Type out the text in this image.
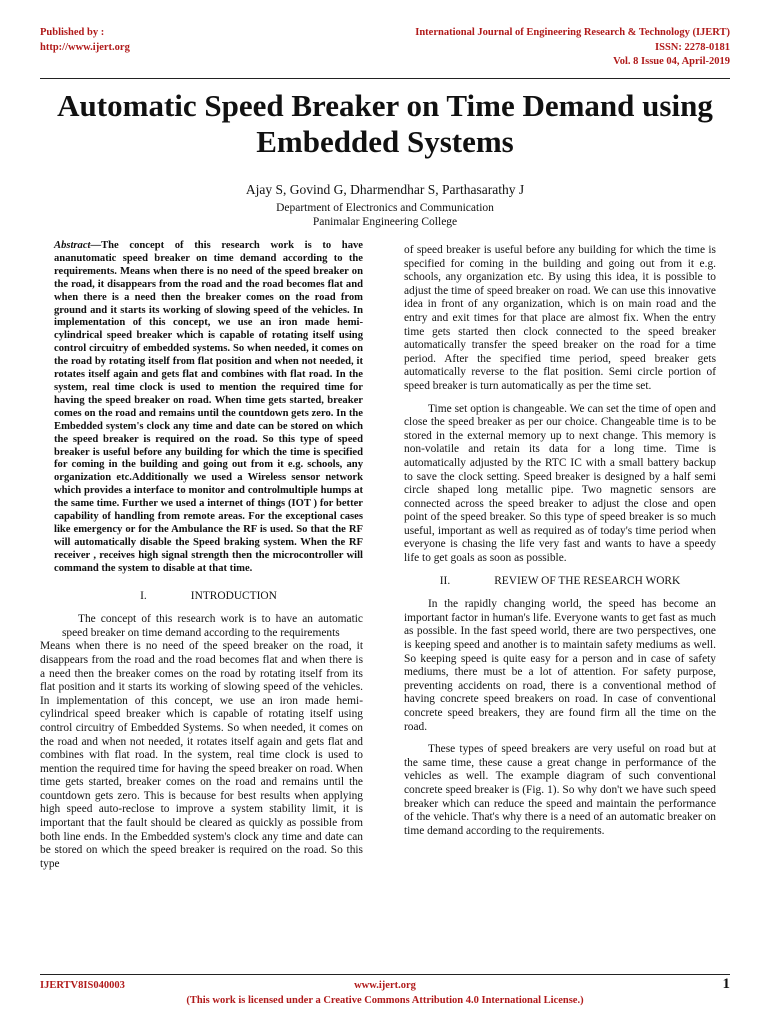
Published by :
http://www.ijert.org
International Journal of Engineering Research & Technology (IJERT)
ISSN: 2278-0181
Vol. 8 Issue 04, April-2019
Automatic Speed Breaker on Time Demand using Embedded Systems
Ajay S, Govind G, Dharmendhar S, Parthasarathy J
Department of Electronics and Communication
Panimalar Engineering College

Abstract—The concept of this research work is to have ananutomatic speed breaker on time demand according to the requirements. Means when there is no need of the speed breaker on the road, it disappears from the road and the road becomes flat and when there is a need then the breaker comes on the road from ground and it starts its working of slowing speed of the vehicles. In implementation of this concept, we use an iron made hemi-cylindrical speed breaker which is capable of rotating itself using control circuitry of embedded systems. So when needed, it comes on the road by rotating itself from flat position and when not needed, it rotates itself again and gets flat and combines with flat road. In the system, real time clock is used to mention the required time for having the speed breaker on road. When time gets started, breaker comes on the road and remains until the countdown gets zero. In the Embedded system's clock any time and date can be stored on which the speed breaker is required on the road. So this type of speed breaker is useful before any building for which the time is specified for coming in the building and going out from it e.g. schools, any organization etc.Additionally we used a Wireless sensor network which provides a interface to monitor and controlmultiple humps at the same time. Further we used a internet of things (IOT ) for better capability of handling from remote areas. For the exceptional cases like emergency or for the Ambulance the RF is used. So that the RF will automatically disable the Speed braking system. When the RF receiver , receives high signal strength then the microcontroller will command the system to disable at that time.

I.	INTRODUCTION

The concept of this research work is to have an automatic speed breaker on time demand according to the requirements

Means when there is no need of the speed breaker on the road, it disappears from the road and the road becomes flat and when there is a need then the breaker comes on the road by rotating itself from its flat position and it starts its working of slowing speed of the vehicles. In implementation of this concept, we use an iron made hemi-cylindrical speed breaker which is capable of rotating itself using control circuitry of Embedded Systems. So when needed, it comes on the road and when not needed, it rotates itself again and gets flat and combines with flat road. In the system, real time clock is used to mention the required time for having the speed breaker on road. When time gets started, breaker comes on the road and remains until the countdown gets zero. This is because for best results when applying high speed auto-reclose to improve a system stability limit, it is important that the fault should be cleared as quickly as possible from both line ends. In the Embedded system's clock any time and date can be stored on which the speed breaker is required on the road. So this type

of speed breaker is useful before any building for which the time is specified for coming in the building and going out from it e.g. schools, any organization etc. By using this idea, it is possible to adjust the time of speed breaker on road. We can use this innovative idea in front of any organization, which is on main road and the entry and exit times for that place are almost fix. When the entry time gets started then clock connected to the speed breaker automatically transfer the speed breaker on the road for a time period. After the specified time period, speed breaker gets automatically reverse to the flat position. Semi circle portion of speed breaker is turn automatically as per the time set.

Time set option is changeable. We can set the time of open and close the speed breaker as per our choice. Changeable time is to be stored in the external memory up to next change. This memory is non-volatile and retain its data for a long time. Time is automatically adjusted by the RTC IC with a small battery backup to save the clock setting. Speed breaker is designed by a half semi circle shaped long metallic pipe. Two magnetic sensors are connected across the speed breaker to adjust the close and open point of the speed breaker. So this type of speed breaker is so much useful, important as well as required as of today's time period when everyone is chasing the life very fast and wants to have a speedy life to get goals as soon as possible.

II.	REVIEW OF THE RESEARCH WORK

In the rapidly changing world, the speed has become an important factor in human's life. Everyone wants to get fast as much as possible. In the fast speed world, there are two perspectives, one is keeping speed and another is to maintain safety mediums as well. So keeping speed is quite easy for a person and in case of safety mediums, there must be a lot of attention. For safety purpose, preventing accidents on road, there is a conventional method of having concrete speed breakers on road. In case of conventional concrete speed breakers, they are found firm all the time on the road.

These types of speed breakers are very useful on road but at the same time, these cause a great change in performance of the vehicles as well. The example diagram of such conventional concrete speed breaker is (Fig. 1). So why don't we have such speed breaker which can reduce the speed and maintain the performance of the vehicle. That's why there is a need of an automatic breaker on time demand according to the requirements.

IJERTV8IS040003	www.ijert.org
(This work is licensed under a Creative Commons Attribution 4.0 International License.)
1
